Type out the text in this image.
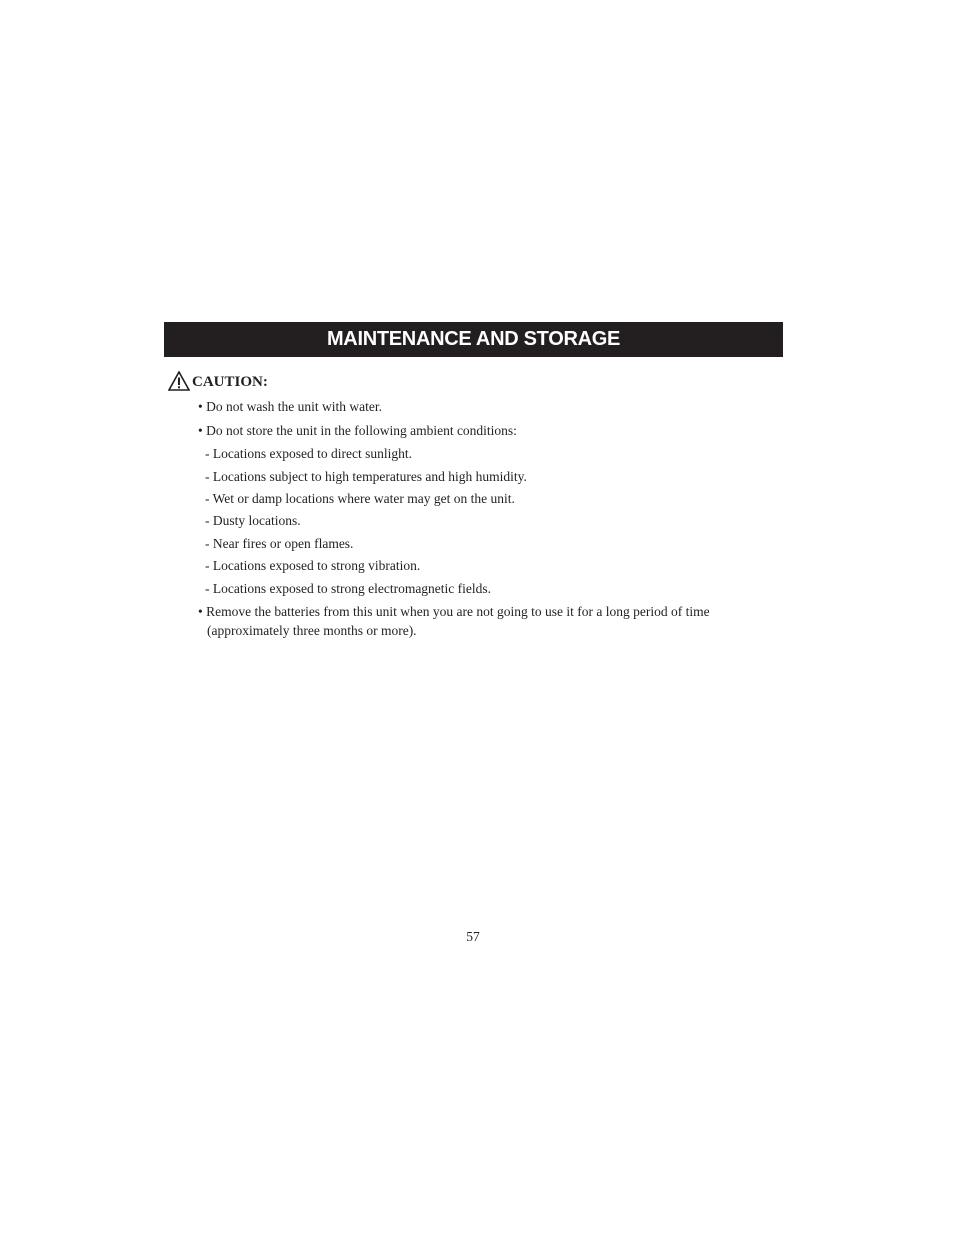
MAINTENANCE AND STORAGE
CAUTION:
• Do not wash the unit with water.
• Do not store the unit in the following ambient conditions:
- Locations exposed to direct sunlight.
- Locations subject to high temperatures and high humidity.
- Wet or damp locations where water may get on the unit.
- Dusty locations.
- Near fires or open flames.
- Locations exposed to strong vibration.
- Locations exposed to strong electromagnetic fields.
• Remove the batteries from this unit when you are not going to use it for a long period of time
(approximately three months or more).
57
